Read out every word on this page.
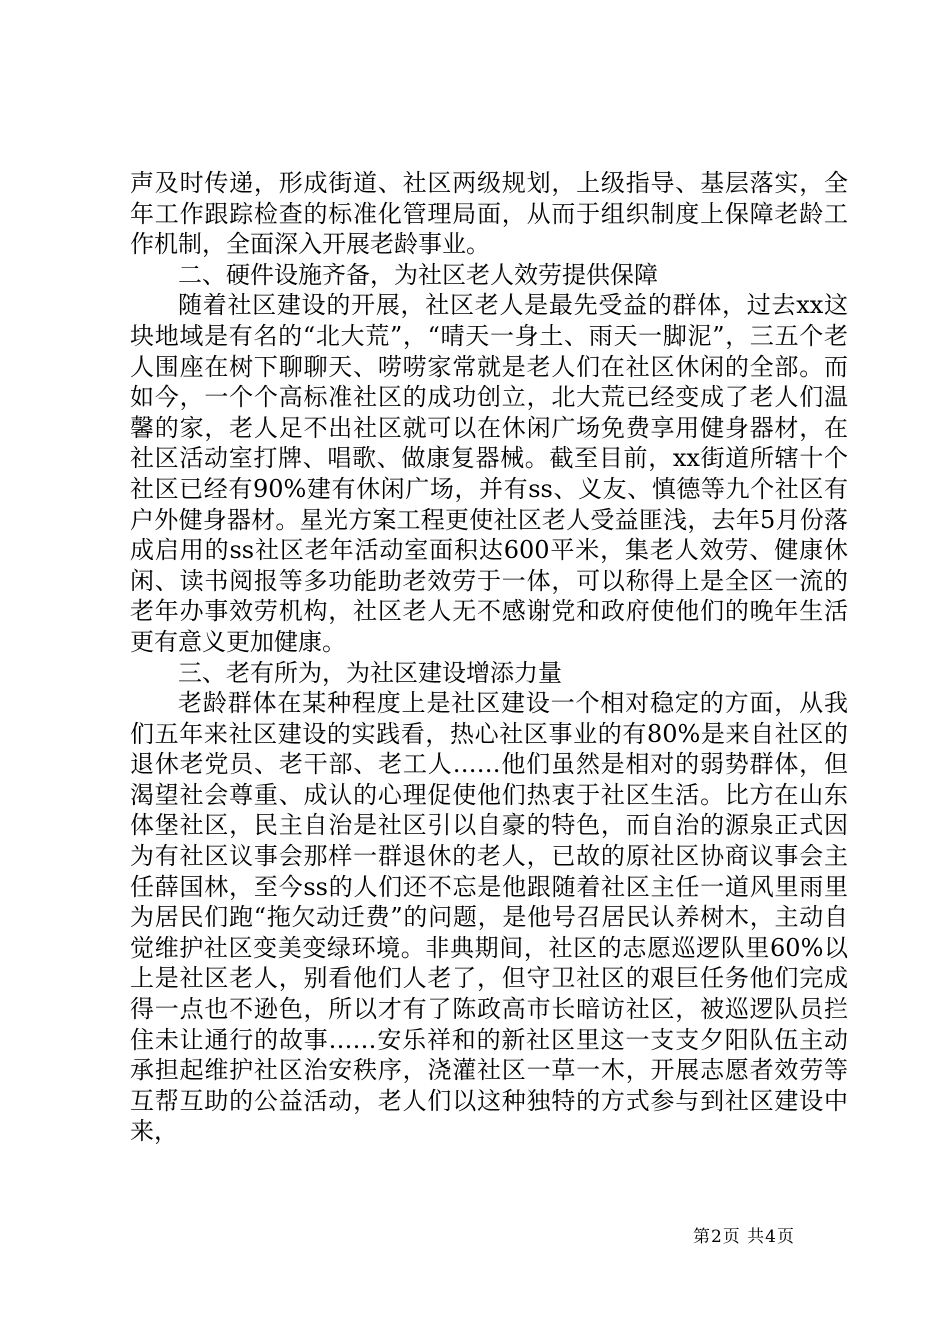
声及时传递，形成街道、社区两级规划，上级指导、基层落实，全年工作跟踪检查的标准化管理局面，从而于组织制度上保障老龄工作机制，全面深入开展老龄事业。

二、硬件设施齐备，为社区老人效劳提供保障

随着社区建设的开展，社区老人是最先受益的群体，过去xx这块地域是有名的“北大荒”，“晴天一身土、雨天一脚泥”，三五个老人围座在树下聊聊天、唠唠家常就是老人们在社区休闲的全部。而如今，一个个高标准社区的成功创立，北大荒已经变成了老人们温馨的家，老人足不出社区就可以在休闲广场免费享用健身器材，在社区活动室打牌、唱歌、做康复器械。截至目前，xx街道所辖十个社区已经有90%建有休闲广场，并有ss、义友、慎德等九个社区有户外健身器材。星光方案工程更使社区老人受益匪浅，去年5月份落成启用的ss社区老年活动室面积达600平米，集老人效劳、健康休闲、读书阅报等多功能助老效劳于一体，可以称得上是全区一流的老年办事效劳机构，社区老人无不感谢党和政府使他们的晚年生活更有意义更加健康。

三、老有所为，为社区建设增添力量

老龄群体在某种程度上是社区建设一个相对稳定的方面，从我们五年来社区建设的实践看，热心社区事业的有80%是来自社区的退休老党员、老干部、老工人……他们虽然是相对的弱势群体，但渴望社会尊重、成认的心理促使他们热衷于社区生活。比方在山东体堡社区，民主自治是社区引以自豪的特色，而自治的源泉正式因为有社区议事会那样一群退休的老人，已故的原社区协商议事会主任薛国林，至今ss的人们还不忘是他跟随着社区主任一道风里雨里为居民们跑“拖欠动迁费”的问题，是他号召居民认养树木，主动自觉维护社区变美变绿环境。非典期间，社区的志愿巡逻队里60%以上是社区老人，别看他们人老了，但守卫社区的艰巨任务他们完成得一点也不逊色，所以才有了陈政高市长暗访社区，被巡逻队员拦住未让通行的故事……安乐祥和的新社区里这一支支夕阳队伍主动承担起维护社区治安秩序，浇灌社区一草一木，开展志愿者效劳等互帮互助的公益活动，老人们以这种独特的方式参与到社区建设中来，

第2页 共4页
